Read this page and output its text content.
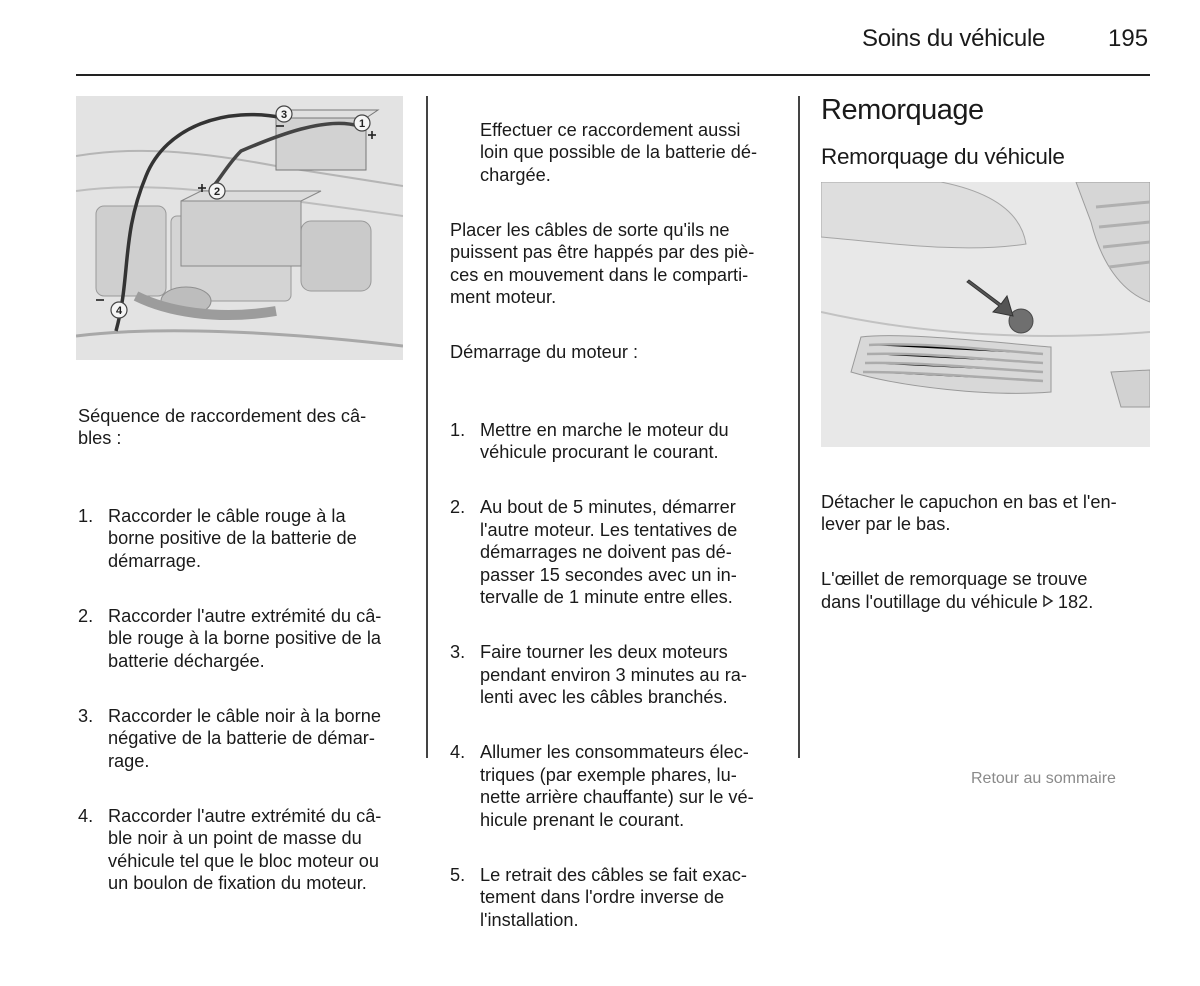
Soins du véhicule	195
1
2
3
4

Séquence de raccordement des câ-
bles :

1. Raccorder le câble rouge à la
borne positive de la batterie de
démarrage.

2. Raccorder l'autre extrémité du câ-
ble rouge à la borne positive de la
batterie déchargée.

3. Raccorder le câble noir à la borne
négative de la batterie de démar-
rage.

4. Raccorder l'autre extrémité du câ-
ble noir à un point de masse du
véhicule tel que le bloc moteur ou
un boulon de fixation du moteur.

Effectuer ce raccordement aussi
loin que possible de la batterie dé-
chargée.

Placer les câbles de sorte qu'ils ne
puissent pas être happés par des piè-
ces en mouvement dans le comparti-
ment moteur.

Démarrage du moteur :

1. Mettre en marche le moteur du
véhicule procurant le courant.

2. Au bout de 5 minutes, démarrer
l'autre moteur. Les tentatives de
démarrages ne doivent pas dé-
passer 15 secondes avec un in-
tervalle de 1 minute entre elles.

3. Faire tourner les deux moteurs
pendant environ 3 minutes au ra-
lenti avec les câbles branchés.

4. Allumer les consommateurs élec-
triques (par exemple phares, lu-
nette arrière chauffante) sur le vé-
hicule prenant le courant.

5. Le retrait des câbles se fait exac-
tement dans l'ordre inverse de
l'installation.

Remorquage
Remorquage du véhicule

Détacher le capuchon en bas et l'en-
lever par le bas.

L'œillet de remorquage se trouve
dans l'outillage du véhicule 182.

Retour au sommaire
